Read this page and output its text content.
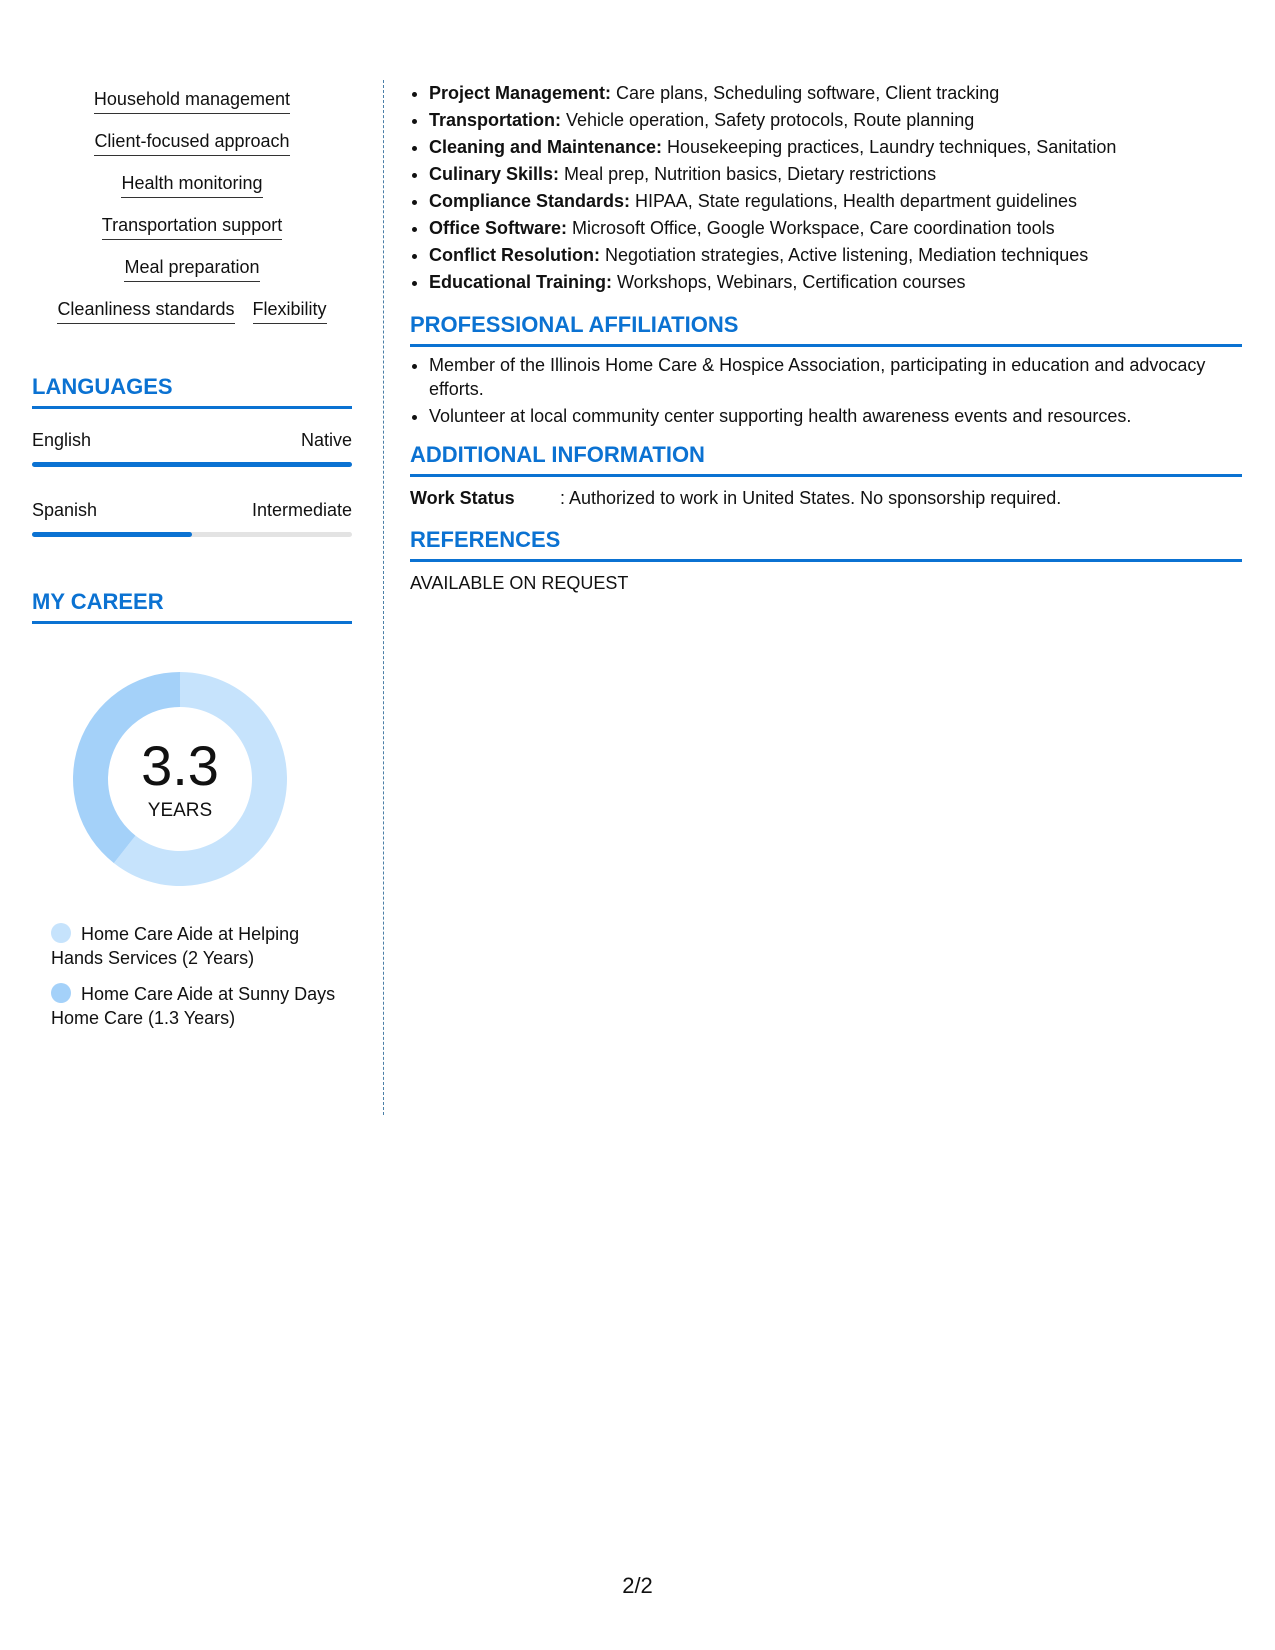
Household management
Client-focused approach
Health monitoring
Transportation support
Meal preparation
Cleanliness standards Flexibility
LANGUAGES
English	Native
Spanish	Intermediate
MY CAREER
3.3
YEARS
Home Care Aide at Helping Hands Services (2 Years)
Home Care Aide at Sunny Days Home Care (1.3 Years)
• Project Management: Care plans, Scheduling software, Client tracking
• Transportation: Vehicle operation, Safety protocols, Route planning
• Cleaning and Maintenance: Housekeeping practices, Laundry techniques, Sanitation
• Culinary Skills: Meal prep, Nutrition basics, Dietary restrictions
• Compliance Standards: HIPAA, State regulations, Health department guidelines
• Office Software: Microsoft Office, Google Workspace, Care coordination tools
• Conflict Resolution: Negotiation strategies, Active listening, Mediation techniques
• Educational Training: Workshops, Webinars, Certification courses
PROFESSIONAL AFFILIATIONS
• Member of the Illinois Home Care & Hospice Association, participating in education and advocacy efforts.
• Volunteer at local community center supporting health awareness events and resources.
ADDITIONAL INFORMATION
Work Status	: Authorized to work in United States. No sponsorship required.
REFERENCES
AVAILABLE ON REQUEST
2/2
